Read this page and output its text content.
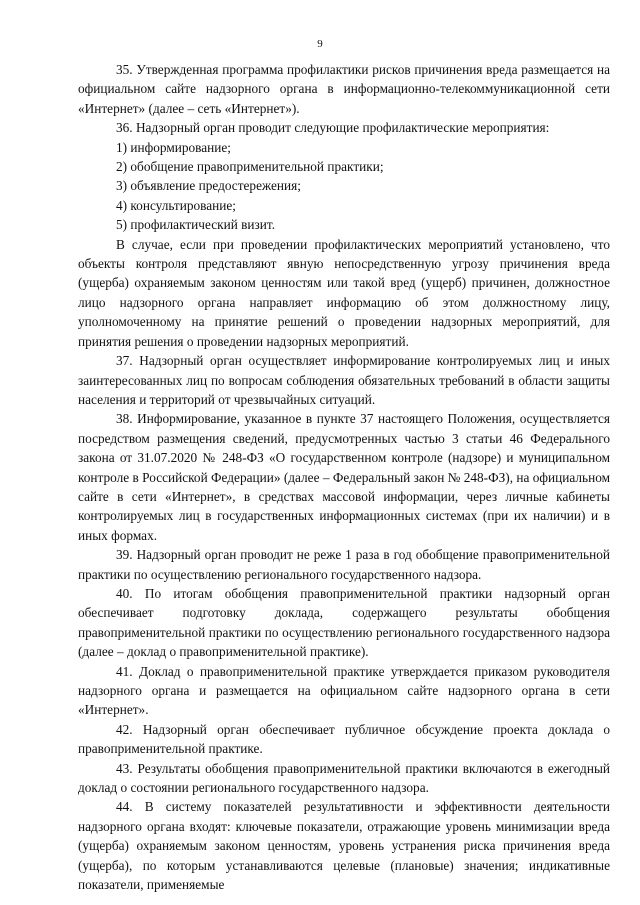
9

35. Утвержденная программа профилактики рисков причинения вреда размещается на официальном сайте надзорного органа в информационно-телекоммуникационной сети «Интернет» (далее – сеть «Интернет»).

36. Надзорный орган проводит следующие профилактические мероприятия:

1) информирование;

2) обобщение правоприменительной практики;

3) объявление предостережения;

4) консультирование;

5) профилактический визит.

В случае, если при проведении профилактических мероприятий установлено, что объекты контроля представляют явную непосредственную угрозу причинения вреда (ущерба) охраняемым законом ценностям или такой вред (ущерб) причинен, должностное лицо надзорного органа направляет информацию об этом должностному лицу, уполномоченному на принятие решений о проведении надзорных мероприятий, для принятия решения о проведении надзорных мероприятий.

37. Надзорный орган осуществляет информирование контролируемых лиц и иных заинтересованных лиц по вопросам соблюдения обязательных требований в области защиты населения и территорий от чрезвычайных ситуаций.

38. Информирование, указанное в пункте 37 настоящего Положения, осуществляется посредством размещения сведений, предусмотренных частью 3 статьи 46 Федерального закона от 31.07.2020 № 248-ФЗ «О государственном контроле (надзоре) и муниципальном контроле в Российской Федерации» (далее – Федеральный закон № 248-ФЗ), на официальном сайте в сети «Интернет», в средствах массовой информации, через личные кабинеты контролируемых лиц в государственных информационных системах (при их наличии) и в иных формах.

39. Надзорный орган проводит не реже 1 раза в год обобщение правоприменительной практики по осуществлению регионального государственного надзора.

40. По итогам обобщения правоприменительной практики надзорный орган обеспечивает подготовку доклада, содержащего результаты обобщения правоприменительной практики по осуществлению регионального государственного надзора (далее – доклад о правоприменительной практике).

41. Доклад о правоприменительной практике утверждается приказом руководителя надзорного органа и размещается на официальном сайте надзорного органа в сети «Интернет».

42. Надзорный орган обеспечивает публичное обсуждение проекта доклада о правоприменительной практике.

43. Результаты обобщения правоприменительной практики включаются в ежегодный доклад о состоянии регионального государственного надзора.

44. В систему показателей результативности и эффективности деятельности надзорного органа входят: ключевые показатели, отражающие уровень минимизации вреда (ущерба) охраняемым законом ценностям, уровень устранения риска причинения вреда (ущерба), по которым устанавливаются целевые (плановые) значения; индикативные показатели, применяемые
